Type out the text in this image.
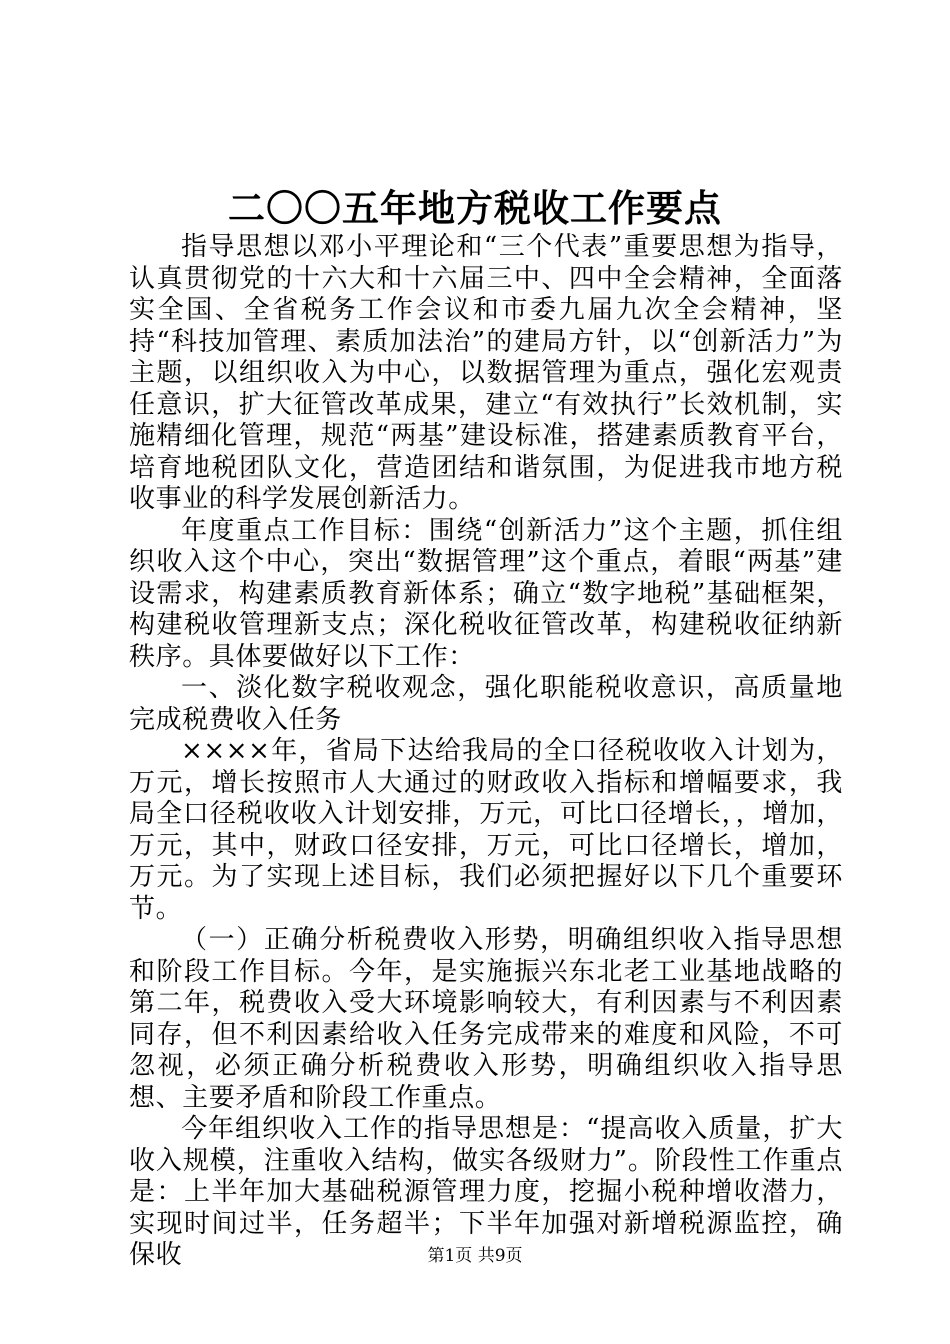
二〇〇五年地方税收工作要点

指导思想以邓小平理论和“三个代表”重要思想为指导，认真贯彻党的十六大和十六届三中、四中全会精神，全面落实全国、全省税务工作会议和市委九届九次全会精神，坚持“科技加管理、素质加法治”的建局方针，以“创新活力”为主题，以组织收入为中心，以数据管理为重点，强化宏观责任意识，扩大征管改革成果，建立“有效执行”长效机制，实施精细化管理，规范“两基”建设标准，搭建素质教育平台，培育地税团队文化，营造团结和谐氛围，为促进我市地方税收事业的科学发展创新活力。

年度重点工作目标：围绕“创新活力”这个主题，抓住组织收入这个中心，突出“数据管理”这个重点，着眼“两基”建设需求，构建素质教育新体系；确立“数字地税”基础框架，构建税收管理新支点；深化税收征管改革，构建税收征纳新秩序。具体要做好以下工作：

一、淡化数字税收观念，强化职能税收意识，高质量地完成税费收入任务

××××年，省局下达给我局的全口径税收收入计划为，万元，增长按照市人大通过的财政收入指标和增幅要求，我局全口径税收收入计划安排，万元，可比口径增长，，增加，万元，其中，财政口径安排，万元，可比口径增长，增加，万元。为了实现上述目标，我们必须把握好以下几个重要环节。

（一）正确分析税费收入形势，明确组织收入指导思想和阶段工作目标。今年，是实施振兴东北老工业基地战略的第二年，税费收入受大环境影响较大，有利因素与不利因素同存，但不利因素给收入任务完成带来的难度和风险，不可忽视，必须正确分析税费收入形势，明确组织收入指导思想、主要矛盾和阶段工作重点。

今年组织收入工作的指导思想是：“提高收入质量，扩大收入规模，注重收入结构，做实各级财力”。阶段性工作重点是：上半年加大基础税源管理力度，挖掘小税种增收潜力，实现时间过半，任务超半；下半年加强对新增税源监控，确保收	第1页 共9页
